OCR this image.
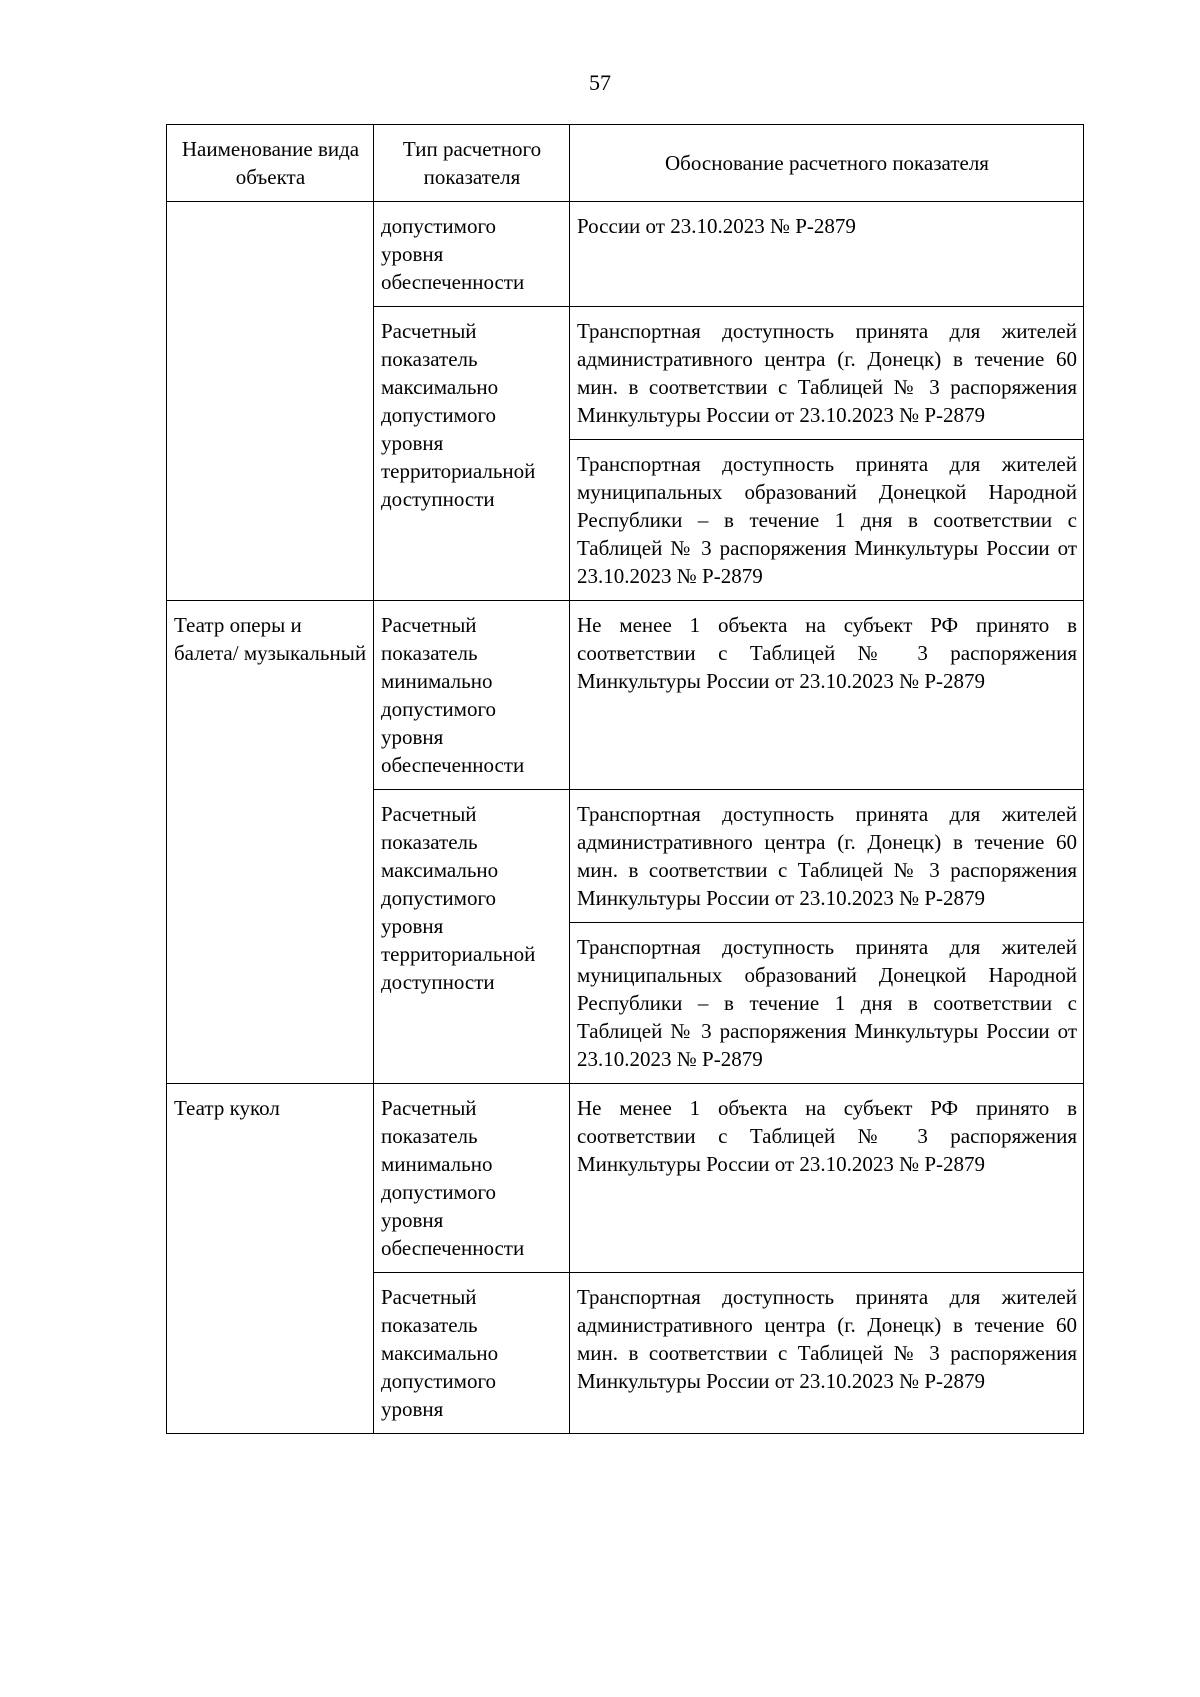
57
Наименование вида объекта	Тип расчетного показателя	Обоснование расчетного показателя
	допустимого уровня обеспеченности	России от 23.10.2023 № Р-2879
	Расчетный показатель максимально допустимого уровня территориальной доступности	Транспортная доступность принята для жителей административного центра (г. Донецк) в течение 60 мин. в соответствии с Таблицей № 3 распоряжения Минкультуры России от 23.10.2023 № Р-2879
		Транспортная доступность принята для жителей муниципальных образований Донецкой Народной Республики – в течение 1 дня в соответствии с Таблицей № 3 распоряжения Минкультуры России от 23.10.2023 № Р-2879
Театр оперы и балета/ музыкальный	Расчетный показатель минимально допустимого уровня обеспеченности	Не менее 1 объекта на субъект РФ принято в соответствии с Таблицей № 3 распоряжения Минкультуры России от 23.10.2023 № Р-2879
	Расчетный показатель максимально допустимого уровня территориальной доступности	Транспортная доступность принята для жителей административного центра (г. Донецк) в течение 60 мин. в соответствии с Таблицей № 3 распоряжения Минкультуры России от 23.10.2023 № Р-2879
		Транспортная доступность принята для жителей муниципальных образований Донецкой Народной Республики – в течение 1 дня в соответствии с Таблицей № 3 распоряжения Минкультуры России от 23.10.2023 № Р-2879

Театр кукол	Расчетный показатель минимально допустимого уровня обеспеченности	Не менее 1 объекта на субъект РФ принято в соответствии с Таблицей № 3 распоряжения Минкультуры России от 23.10.2023 № Р-2879
	Расчетный показатель максимально допустимого уровня	Транспортная доступность принята для жителей административного центра (г. Донецк) в течение 60 мин. в соответствии с Таблицей № 3 распоряжения Минкультуры России от 23.10.2023 № Р-2879
